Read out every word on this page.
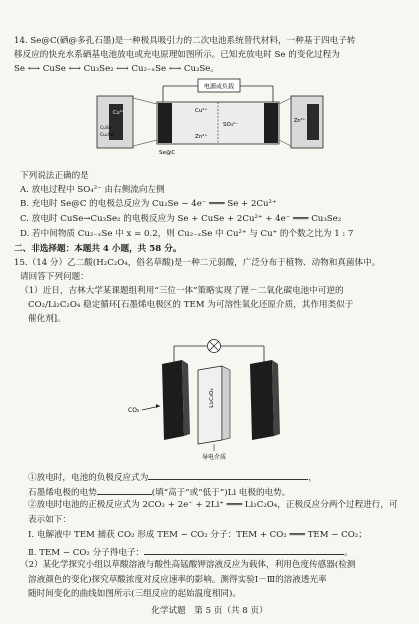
14. Se@C(硒@多孔石墨)是一种极具吸引力的二次电池系统替代材料，一种基于四电子转
移反应的快充水系硒基电池放电或充电原理如图所示。已知充放电时 Se 的变化过程为
Se ⟷ CuSe ⟷ Cu₃Se₂ ⟷ Cu₂₋ₓSe ⟷ Cu₂Se。
电源或负载
Cu²⁺
CuSe
Cu₂Se
Cu²⁺
SO₄²⁻
Zn²⁺
Se@C
Zn²⁺
下列说法正确的是
A. 放电过程中 SO₄²⁻ 由右侧流向左侧
B. 充电时 Se@C 的电极总反应为 Cu₂Se − 4e⁻ ═══ Se + 2Cu²⁺
C. 放电时 CuSe→Cu₃Se₂ 的电极反应为 Se + CuSe + 2Cu²⁺ + 4e⁻ ═══ Cu₃Se₂
D. 若中间物质 Cu₂₋ₓSe 中 x = 0.2，则 Cu₂₋ₓSe 中 Cu²⁺ 与 Cu⁺ 的个数之比为 1 : 7
二、非选择题：本题共 4 小题，共 58 分。
15.（14 分）乙二酸(H₂C₂O₄，俗名草酸)是一种二元弱酸，广泛分布于植物、动物和真菌体中。
请回答下列问题：
（1）近日，吉林大学某课题组利用“三位一体”策略实现了锂－二氧化碳电池中可逆的
CO₂/Li₂C₂O₄ 稳定循环[石墨烯电极区的 TEM 为可溶性氧化还原介质，其作用类似于
催化剂]。
Li₂C₂O₄
CO₂
导电介质
①放电时，电池的负极反应式为	，
石墨烯电极的电势	(填“高于”或“低于”)Li 电极的电势。
②放电时电池的正极反应式为 2CO₂ + 2e⁻ + 2Li⁺ ═══ Li₂C₂O₄，正极反应分两个过程进行，可
表示如下：
Ⅰ. 电解液中 TEM 捕获 CO₂ 形成 TEM − CO₂ 分子：TEM + CO₂ ═══ TEM − CO₂；
Ⅱ. TEM − CO₂ 分子得电子：	。
（2）某化学探究小组以草酸溶液与酸性高锰酸钾溶液反应为载体，利用色度传感器(检测
溶液颜色的变化)探究草酸浓度对反应速率的影响。测得实验Ⅰ－Ⅲ的溶液透光率
随时间变化的曲线如图所示(三组反应的起始温度相同)。
化学试题　第 5 页（共 8 页）
